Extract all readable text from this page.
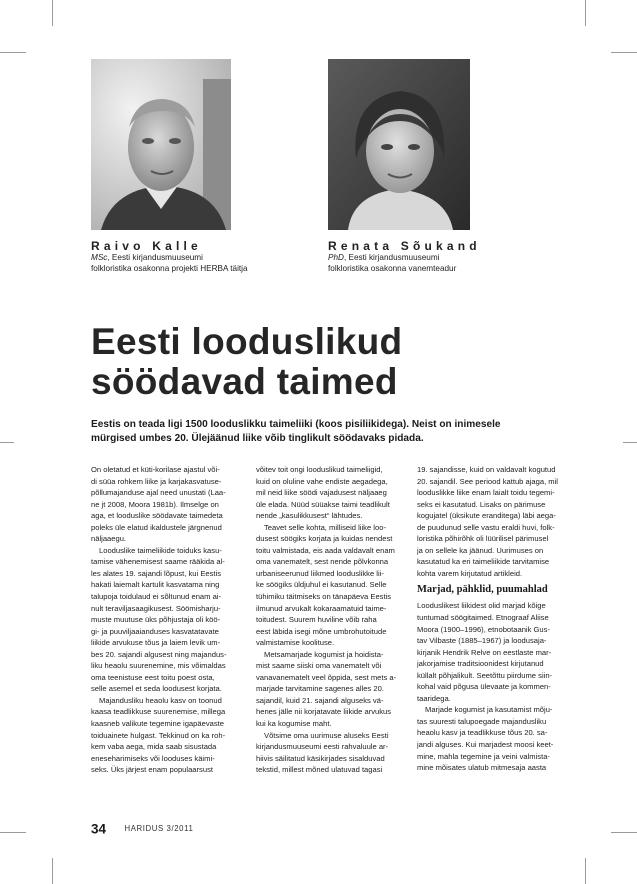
Raivo Kalle
MSc, Eesti kirjandusmuuseumi
folkloristika osakonna projekti HERBA täitja
Renata Sõukand
PhD, Eesti kirjandusmuuseumi
folkloristika osakonna vanemteadur
Eesti looduslikud
söödavad taimed

Eestis on teada ligi 1500 looduslikku taimeliiki (koos pisiliikidega). Neist on inimesele
mürgised umbes 20. Ülejäänud liike võib tinglikult söödavaks pidada.

On oletatud et küti-korilase ajastul või-
di süüa rohkem liike ja karjakasvatuse-
põllumajanduse ajal need unustati (Laa-
ne jt 2008, Moora 1981b). Ilmselge on
aga, et looduslike söödavate taimedeta
poleks üle elatud ikaldustele järgnenud
näljaaegu.
Looduslike taimeliikide toiduks kasu-
tamise vähenemisest saame rääkida al-
les alates 19. sajandi lõpust, kui Eestis
hakati laiemalt kartulit kasvatama ning
talupoja toidulaud ei sõltunud enam ai-
nult teraviljasaagikusest. Söömisharju-
muste muutuse üks põhjustaja oli köö-
gi- ja puuviljaaianduses kasvatatavate
liikide arvukuse tõus ja laiem levik um-
bes 20. sajandi algusest ning majandus-
liku heaolu suurenemine, mis võimaldas
oma teenistuse eest toitu poest osta,
selle asemel et seda loodusest korjata.
Majandusliku heaolu kasv on toonud
kaasa teadlikkuse suurenemise, millega
kaasneb valikute tegemine igapäevaste
toiduainete hulgast. Tekkinud on ka roh-
kem vaba aega, mida saab sisustada
eneseharimiseks või looduses käimi-
seks. Üks järjest enam populaarsust
võitev toit ongi looduslikud taimeliigid,
kuid on oluline vahe endiste aegadega,
mil neid liike söödi vajadusest näljaaeg
üle elada. Nüüd süüakse taimi teadlikult
nende „kasulikkusest“ lähtudes.
Teavet selle kohta, milliseid liike loo-
dusest söögiks korjata ja kuidas nendest
toitu valmistada, eis aada valdavalt enam
oma vanematelt, sest nende põlvkonna
urbaniseerunud liikmed looduslikke lii-
ke söögiks üldjuhul ei kasutanud. Selle
tühimiku täitmiseks on tänapäeva Eestis
ilmunud arvukalt kokaraamatuid taime-
toitudest. Suurem huviline võib raha
eest läbida isegi mõne umbrohutoitude
valmistamise koolituse.
Metsamarjade kogumist ja hoidista-
mist saame siiski oma vanematelt või
vanavanematelt veel õppida, sest mets a-
marjade tarvitamine sagenes alles 20.
sajandil, kuid 21. sajandi alguseks vä-
henes jälle nii korjatavate liikide arvukus
kui ka kogumise maht.
Võtsime oma uurimuse aluseks Eesti
kirjandusmuuseumi eesti rahvaluule ar-
hiivis säilitatud käsikirjades sisalduvad
tekstid, millest mõned ulatuvad tagasi
19. sajandisse, kuid on valdavalt kogutud
20. sajandil. See periood kattub ajaga, mil
looduslikke liike enam laialt toidu tegemi-
seks ei kasutatud. Lisaks on pärimuse
kogujatel (üksikute eranditega) läbi aega-
de puudunud selle vastu eraldi huvi, folk-
loristika põhirõhk oli lüürilisel pärimusel
ja on sellele ka jäänud. Uurimuses on
kasutatud ka eri taimeliikide tarvitamise
kohta varem kirjutatud artikleid.
Marjad, pähklid, puumahlad
Looduslikest liikidest olid marjad kõige
tuntumad söögitaimed. Etnograaf Aliise
Moora (1900–1996), etnobotaanik Gus-
tav Vilbaste (1885–1967) ja loodusaja-
kirjanik Hendrik Relve on eestlaste mar-
jakorjamise traditsioonidest kirjutanud
küllalt põhjalikult. Seetõttu piirdume siin-
kohal vaid põgusa ülevaate ja kommen-
taaridega.
Marjade kogumist ja kasutamist mõju-
tas suuresti talupoegade majandusliku
heaolu kasv ja teadlikkuse tõus 20. sa-
jandi alguses. Kui marjadest moosi keet-
mine, mahla tegemine ja veini valmista-
mine mõisates ulatub mitmesaja aasta
34 HARIDUS 3/2011
